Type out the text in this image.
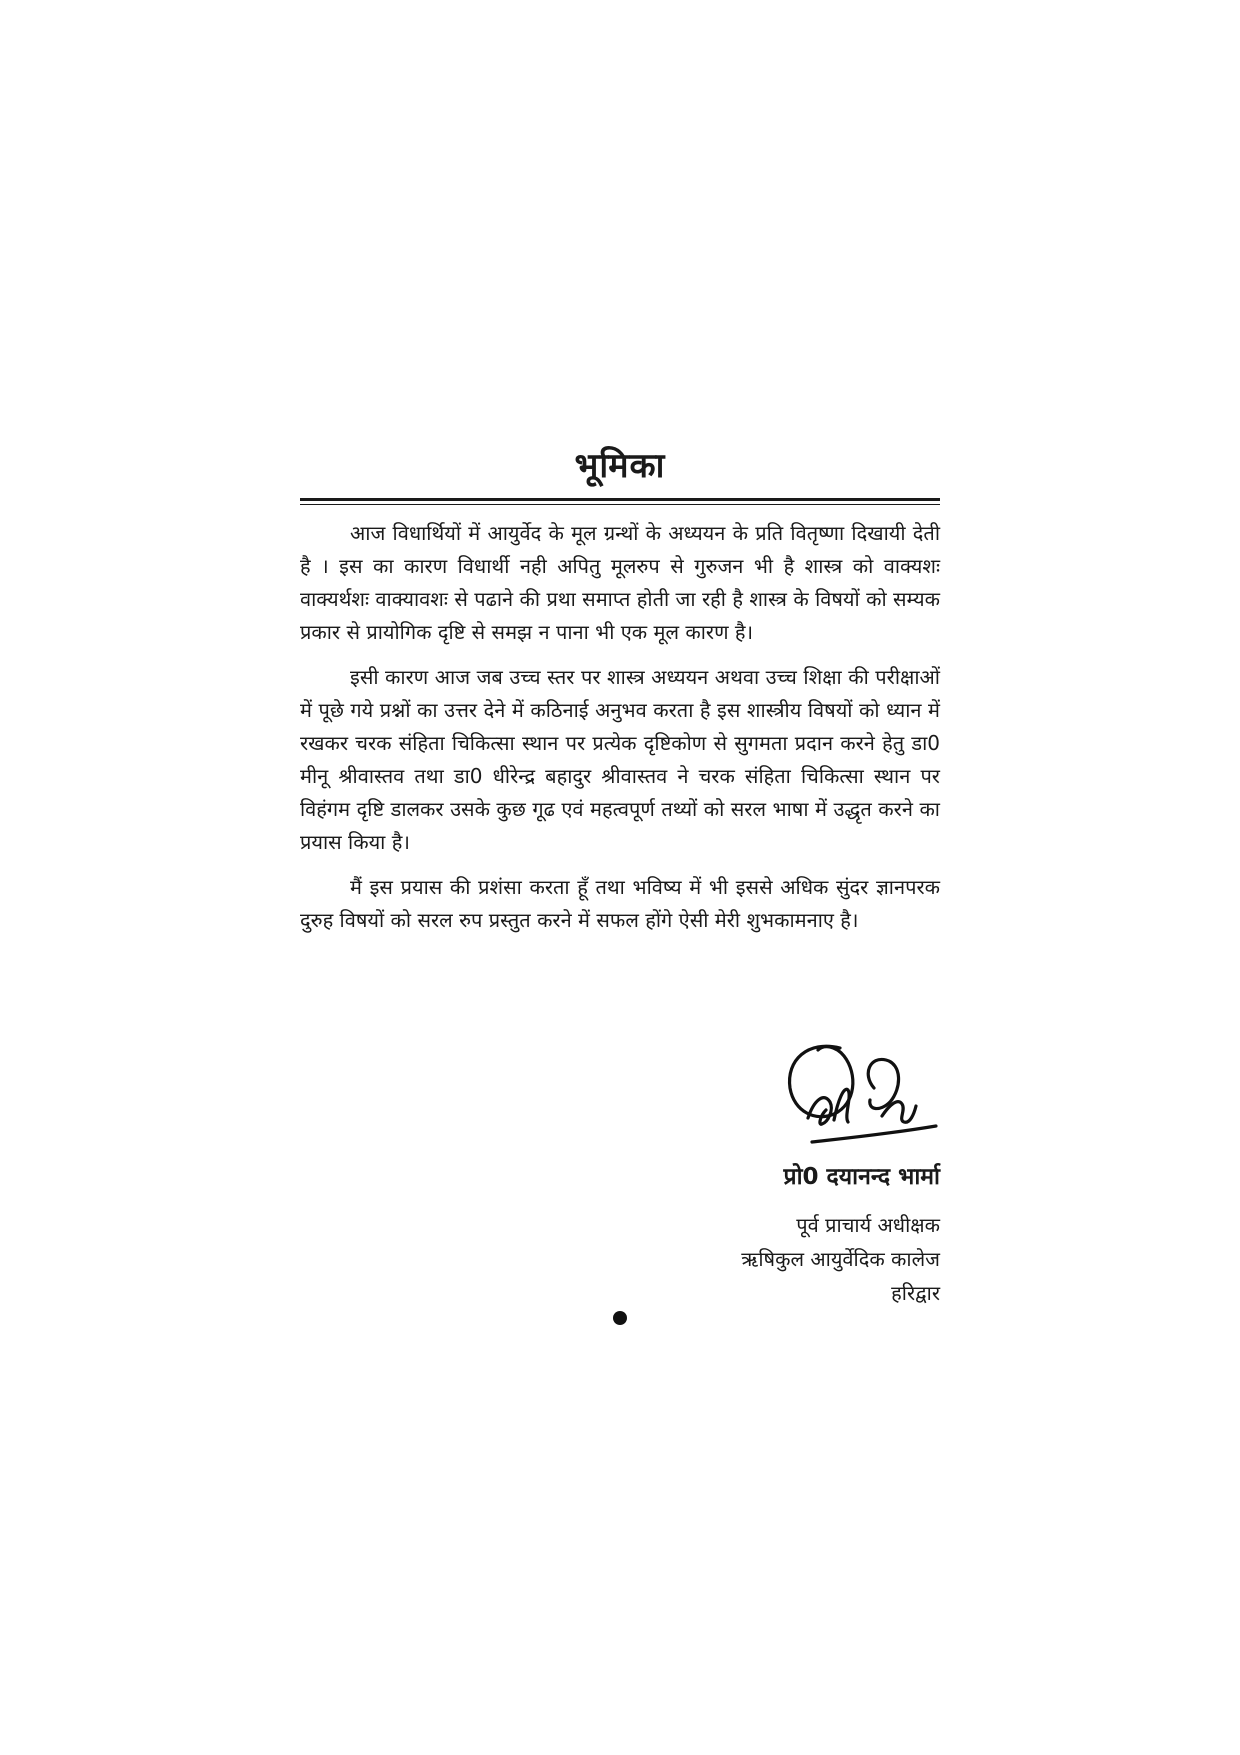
भूमिका

आज विधार्थियों में आयुर्वेद के मूल ग्रन्थों के अध्ययन के प्रति वितृष्णा दिखायी देती है । इस का कारण विधार्थी नही अपितु मूलरुप से गुरुजन भी है शास्त्र को वाक्यशः वाक्यर्थशः वाक्यावशः से पढाने की प्रथा समाप्त होती जा रही है शास्त्र के विषयों को सम्यक प्रकार से प्रायोगिक दृष्टि से समझ न पाना भी एक मूल कारण है।

इसी कारण आज जब उच्च स्तर पर शास्त्र अध्ययन अथवा उच्च शिक्षा की परीक्षाओं में पूछे गये प्रश्नों का उत्तर देने में कठिनाई अनुभव करता है इस शास्त्रीय विषयों को ध्यान में रखकर चरक संहिता चिकित्सा स्थान पर प्रत्येक दृष्टिकोण से सुगमता प्रदान करने हेतु डा0 मीनू श्रीवास्तव तथा डा0 धीरेन्द्र बहादुर श्रीवास्तव ने चरक संहिता चिकित्सा स्थान पर विहंगम दृष्टि डालकर उसके कुछ गूढ एवं महत्वपूर्ण तथ्यों को सरल भाषा में उद्धृत करने का प्रयास किया है।

मैं इस प्रयास की प्रशंसा करता हूँ तथा भविष्य में भी इससे अधिक सुंदर ज्ञानपरक दुरुह विषयों को सरल रुप प्रस्तुत करने में सफल होंगे ऐसी मेरी शुभकामनाए है।

प्रो0 दयानन्द भार्मा

पूर्व प्राचार्य अधीक्षक

ऋषिकुल आयुर्वेदिक कालेज

हरिद्वार
